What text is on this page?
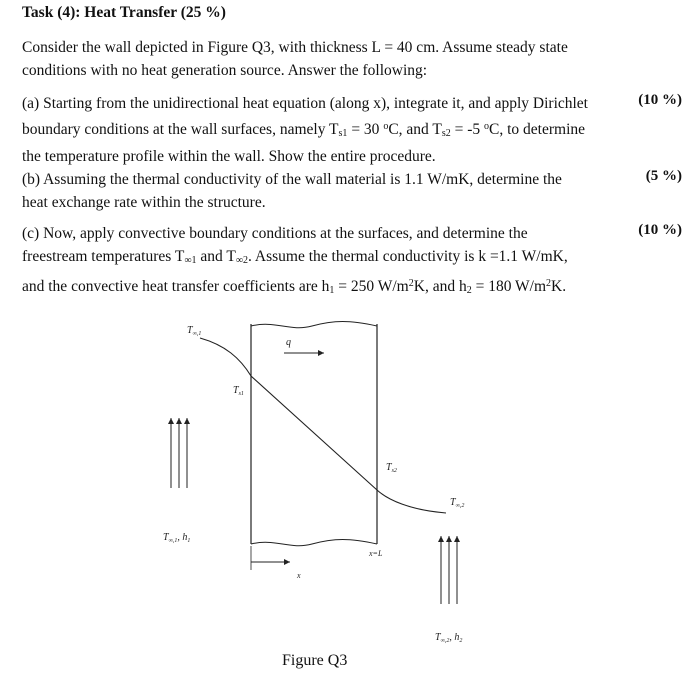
Task (4): Heat Transfer (25 %)
Consider the wall depicted in Figure Q3, with thickness L = 40 cm. Assume steady state
conditions with no heat generation source. Answer the following:
(a) Starting from the unidirectional heat equation (along x), integrate it, and apply Dirichlet
boundary conditions at the wall surfaces, namely $T_{s1} = 30$ $^o$C, and $T_{s2} = -5$ $^o$C, to determine
the temperature profile within the wall. Show the entire procedure.
(10 %)
(b) Assuming the thermal conductivity of the wall material is 1.1 W/mK, determine the
heat exchange rate within the structure.
(5 %)
(c) Now, apply convective boundary conditions at the surfaces, and determine the
freestream temperatures $T_{\infty 1}$ and $T_{\infty 2}$. Assume the thermal conductivity is k =1.1 W/mK,
and the convective heat transfer coefficients are $h_1 = 250$ $W/m^2K$, and $h_2 = 180$ $W/m^2K$.
(10 %)
$T_{\infty,1}$
$T_{s1}$
q
$T_{s2}$
$T_{\infty,2}$
$T_{\infty,1}$, $h_1$
$T_{\infty,2}$, $h_2$
x=L
x
Figure Q3
